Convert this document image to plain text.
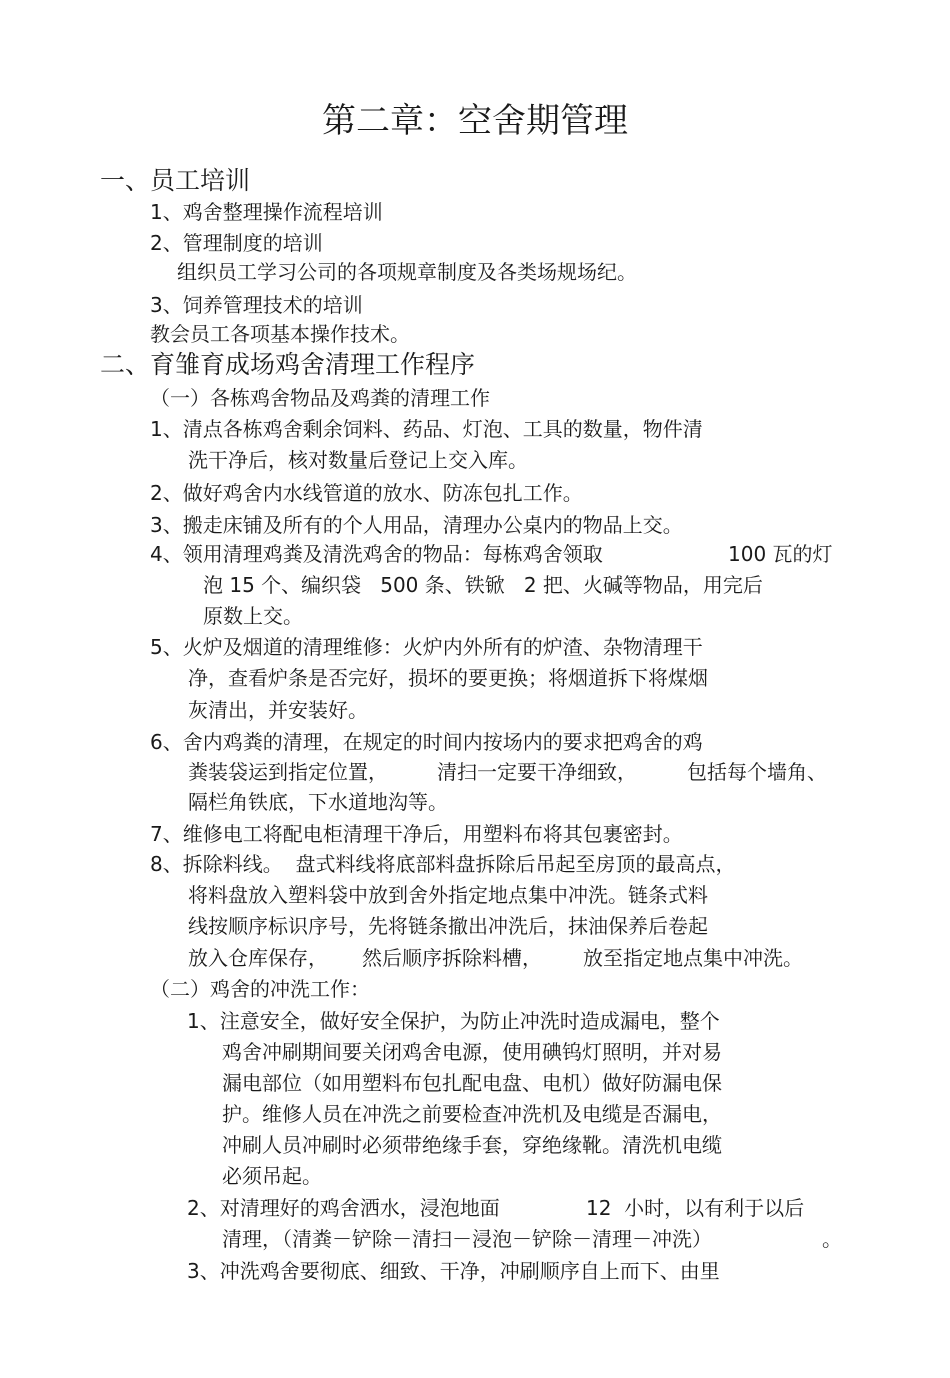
第二章：空舍期管理
一、员工培训
1、鸡舍整理操作流程培训
2、管理制度的培训
组织员工学习公司的各项规章制度及各类场规场纪。
3、饲养管理技术的培训
教会员工各项基本操作技术。
二、育雏育成场鸡舍清理工作程序
（一）各栋鸡舍物品及鸡粪的清理工作
1、清点各栋鸡舍剩余饲料、药品、灯泡、工具的数量，物件清
洗干净后，核对数量后登记上交入库。
2、做好鸡舍内水线管道的放水、防冻包扎工作。
3、搬走床铺及所有的个人用品，清理办公桌内的物品上交。
4、领用清理鸡粪及清洗鸡舍的物品：每栋鸡舍领取	100 瓦的灯
泡 15 个、编织袋   500 条、铁锨   2 把、火碱等物品，用完后
原数上交。
5、火炉及烟道的清理维修：火炉内外所有的炉渣、杂物清理干
净，查看炉条是否完好，损坏的要更换；将烟道拆下将煤烟
灰清出，并安装好。
6、舍内鸡粪的清理，在规定的时间内按场内的要求把鸡舍的鸡
粪装袋运到指定位置， 清扫一定要干净细致，	包括每个墙角、
隔栏角铁底，下水道地沟等。
7、维修电工将配电柜清理干净后，用塑料布将其包裹密封。
8、拆除料线。  盘式料线将底部料盘拆除后吊起至房顶的最高点，
将料盘放入塑料袋中放到舍外指定地点集中冲洗。链条式料
线按顺序标识序号，先将链条撤出冲洗后，抹油保养后卷起
放入仓库保存， 然后顺序拆除料槽， 放至指定地点集中冲洗。
（二）鸡舍的冲洗工作：
1、注意安全，做好安全保护，为防止冲洗时造成漏电，整个
鸡舍冲刷期间要关闭鸡舍电源，使用碘钨灯照明，并对易
漏电部位（如用塑料布包扎配电盘、电机）做好防漏电保
护。维修人员在冲洗之前要检查冲洗机及电缆是否漏电，
冲刷人员冲刷时必须带绝缘手套，穿绝缘靴。清洗机电缆
必须吊起。
2、对清理好的鸡舍洒水，浸泡地面	12  小时，以有利于以后
清理，（清粪－铲除－清扫－浸泡－铲除－清理－冲洗）	。
3、冲洗鸡舍要彻底、细致、干净，冲刷顺序自上而下、由里
